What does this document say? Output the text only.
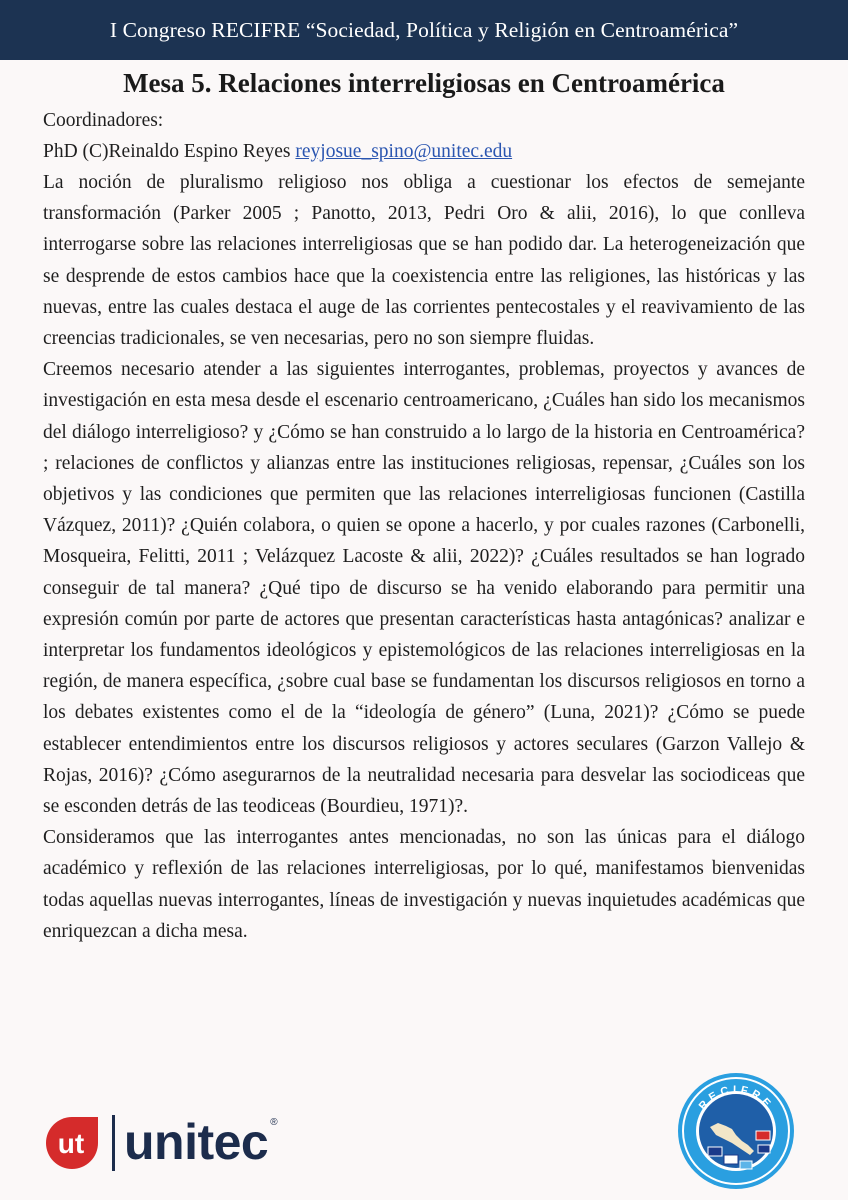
I Congreso RECIFRE “Sociedad, Política y Religión en Centroamérica”
Mesa 5. Relaciones interreligiosas en Centroamérica

Coordinadores:

PhD (C)Reinaldo Espino Reyes reyjosue_spino@unitec.edu

La noción de pluralismo religioso nos obliga a cuestionar los efectos de semejante transformación (Parker 2005 ; Panotto, 2013, Pedri Oro & alii, 2016), lo que conlleva interrogarse sobre las relaciones interreligiosas que se han podido dar. La heterogeneización que se desprende de estos cambios hace que la coexistencia entre las religiones, las históricas y las nuevas, entre las cuales destaca el auge de las corrientes pentecostales y el reavivamiento de las creencias tradicionales, se ven necesarias, pero no son siempre fluidas.

Creemos necesario atender a las siguientes interrogantes, problemas, proyectos y avances de investigación en esta mesa desde el escenario centroamericano, ¿Cuáles han sido los mecanismos del diálogo interreligioso? y ¿Cómo se han construido a lo largo de la historia en Centroamérica? ; relaciones de conflictos y alianzas entre las instituciones religiosas, repensar, ¿Cuáles son los objetivos y las condiciones que permiten que las relaciones interreligiosas funcionen (Castilla Vázquez, 2011)? ¿Quién colabora, o quien se opone a hacerlo, y por cuales razones (Carbonelli, Mosqueira, Felitti, 2011 ; Velázquez Lacoste & alii, 2022)? ¿Cuáles resultados se han logrado conseguir de tal manera? ¿Qué tipo de discurso se ha venido elaborando para permitir una expresión común por parte de actores que presentan características hasta antagónicas? analizar e interpretar los fundamentos ideológicos y epistemológicos de las relaciones interreligiosas en la región, de manera específica, ¿sobre cual base se fundamentan los discursos religiosos en torno a los debates existentes como el de la “ideología de género” (Luna, 2021)? ¿Cómo se puede establecer entendimientos entre los discursos religiosos y actores seculares (Garzon Vallejo & Rojas, 2016)? ¿Cómo asegurarnos de la neutralidad necesaria para desvelar las sociodiceas que se esconden detrás de las teodiceas (Bourdieu, 1971)?.

Consideramos que las interrogantes antes mencionadas, no son las únicas para el diálogo académico y reflexión de las relaciones interreligiosas, por lo qué, manifestamos bienvenidas todas aquellas nuevas interrogantes, líneas de investigación y nuevas inquietudes académicas que enriquezcan a dicha mesa.

ut unitec ®
RECIFRE
